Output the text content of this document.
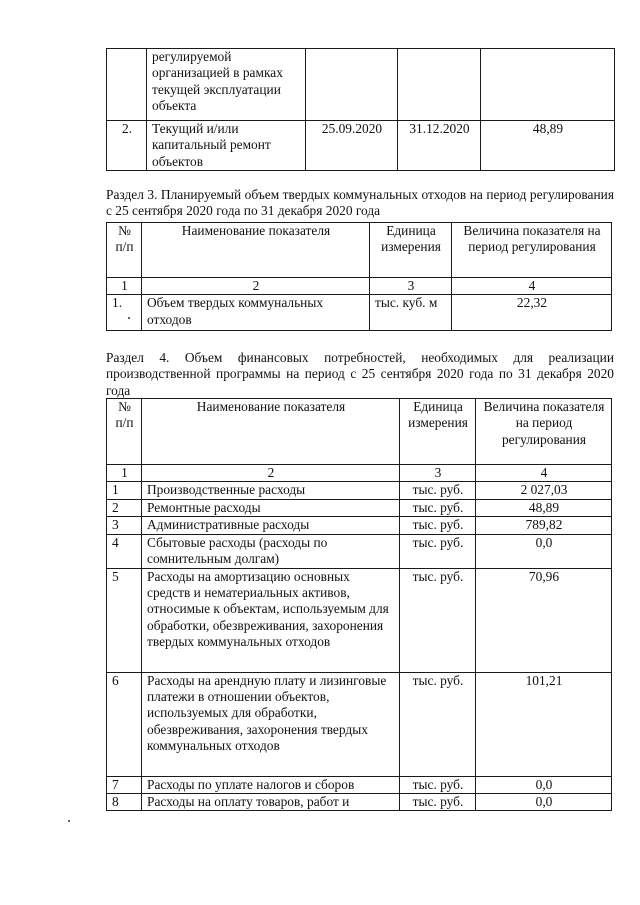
	регулируемой организацией в рамках текущей эксплуатации объекта			
2.	Текущий и/или капитальный ремонт объектов	25.09.2020	31.12.2020	48,89
Раздел 3. Планируемый объем твердых коммунальных отходов на период регулирования с 25 сентября 2020 года по 31 декабря 2020 года
№ п/п	Наименование показателя	Единица измерения	Величина показателя на период регулирования
1	2	3	4
1.	Объем твердых коммунальных отходов	тыс. куб. м	22,32
Раздел 4. Объем финансовых потребностей, необходимых для реализации производственной программы на период с 25 сентября 2020 года по 31 декабря 2020 года
№ п/п	Наименование показателя	Единица измерения	Величина показателя на период регулирования
1	2	3	4
1	Производственные расходы	тыс. руб.	2 027,03
2	Ремонтные расходы	тыс. руб.	48,89
3	Административные расходы	тыс. руб.	789,82
4	Сбытовые расходы (расходы по сомнительным долгам)	тыс. руб.	0,0
5	Расходы на амортизацию основных средств и нематериальных активов, относимые к объектам, используемым для обработки, обезвреживания, захоронения твердых коммунальных отходов	тыс. руб.	70,96
6	Расходы на арендную плату и лизинговые платежи в отношении объектов, используемых для обработки, обезвреживания, захоронения твердых коммунальных отходов	тыс. руб.	101,21
7	Расходы по уплате налогов и сборов	тыс. руб.	0,0
8	Расходы на оплату товаров, работ и	тыс. руб.	0,0
